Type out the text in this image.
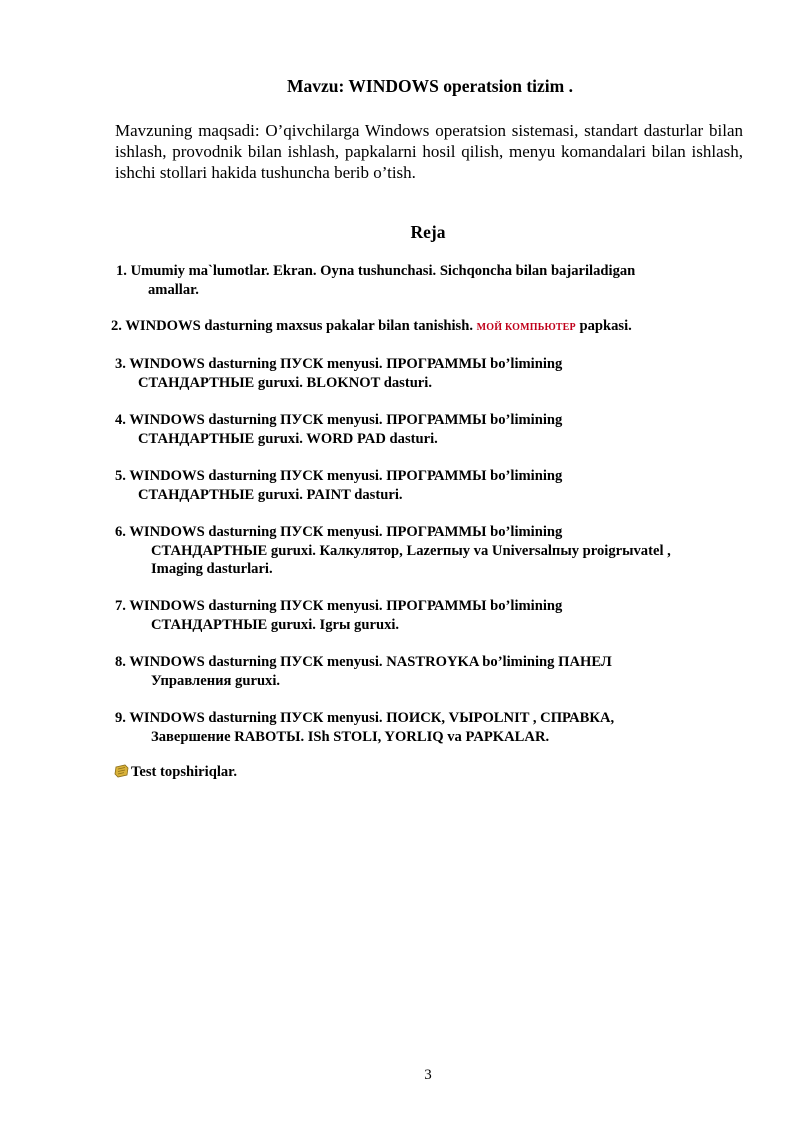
Mavzu: WINDOWS operatsion tizim .
Mavzuning maqsadi: O’qivchilarga Windows operatsion sistemasi, standart dasturlar bilan ishlash, provodnik bilan ishlash, papkalarni hosil qilish, menyu komandalari bilan ishlash, ishchi stollari hakida tushuncha berib o’tish.
Reja
1. Umumiy ma`lumotlar. Ekran. Oyna tushunchasi. Sichqoncha bilan bajariladigan
amallar.
2. WINDOWS dasturning maxsus pakalar bilan tanishish. МОЙ КОМПЬЮТЕР papkasi.
3. WINDOWS dasturning ПУСК menyusi. ПРОГРАММЫ bo’limining
СТАНДАРТНЫЕ guruxi. BLOKNOT dasturi.
4. WINDOWS dasturning ПУСК menyusi. ПРОГРАММЫ bo’limining
СТАНДАРТНЫЕ guruxi. WORD PAD dasturi.
5. WINDOWS dasturning ПУСК menyusi. ПРОГРАММЫ bo’limining
СТАНДАРТНЫЕ guruxi. PAINT dasturi.
6. WINDOWS dasturning ПУСК menyusi. ПРОГРАММЫ bo’limining
СТАНДАРТНЫЕ guruxi. Калкулятор, Lazerпыу va Universalпыу proigrыvatel ,
Imaging dasturlari.
7. WINDOWS dasturning ПУСК menyusi. ПРОГРАММЫ bo’limining
СТАНДАРТНЫЕ guruxi. Igrы guruxi.
8. WINDOWS dasturning ПУСК menyusi. NASTROYKA bo’limining ПАНЕЛ
Управления guruxi.
9. WINDOWS dasturning ПУСК menyusi. ПОИСК, VЫPOLNIT , СПРАВКА,
Завершение RABOTЫ. ISh STOLI, YORLIQ va PAPKALAR.
Test topshiriqlar.
3
